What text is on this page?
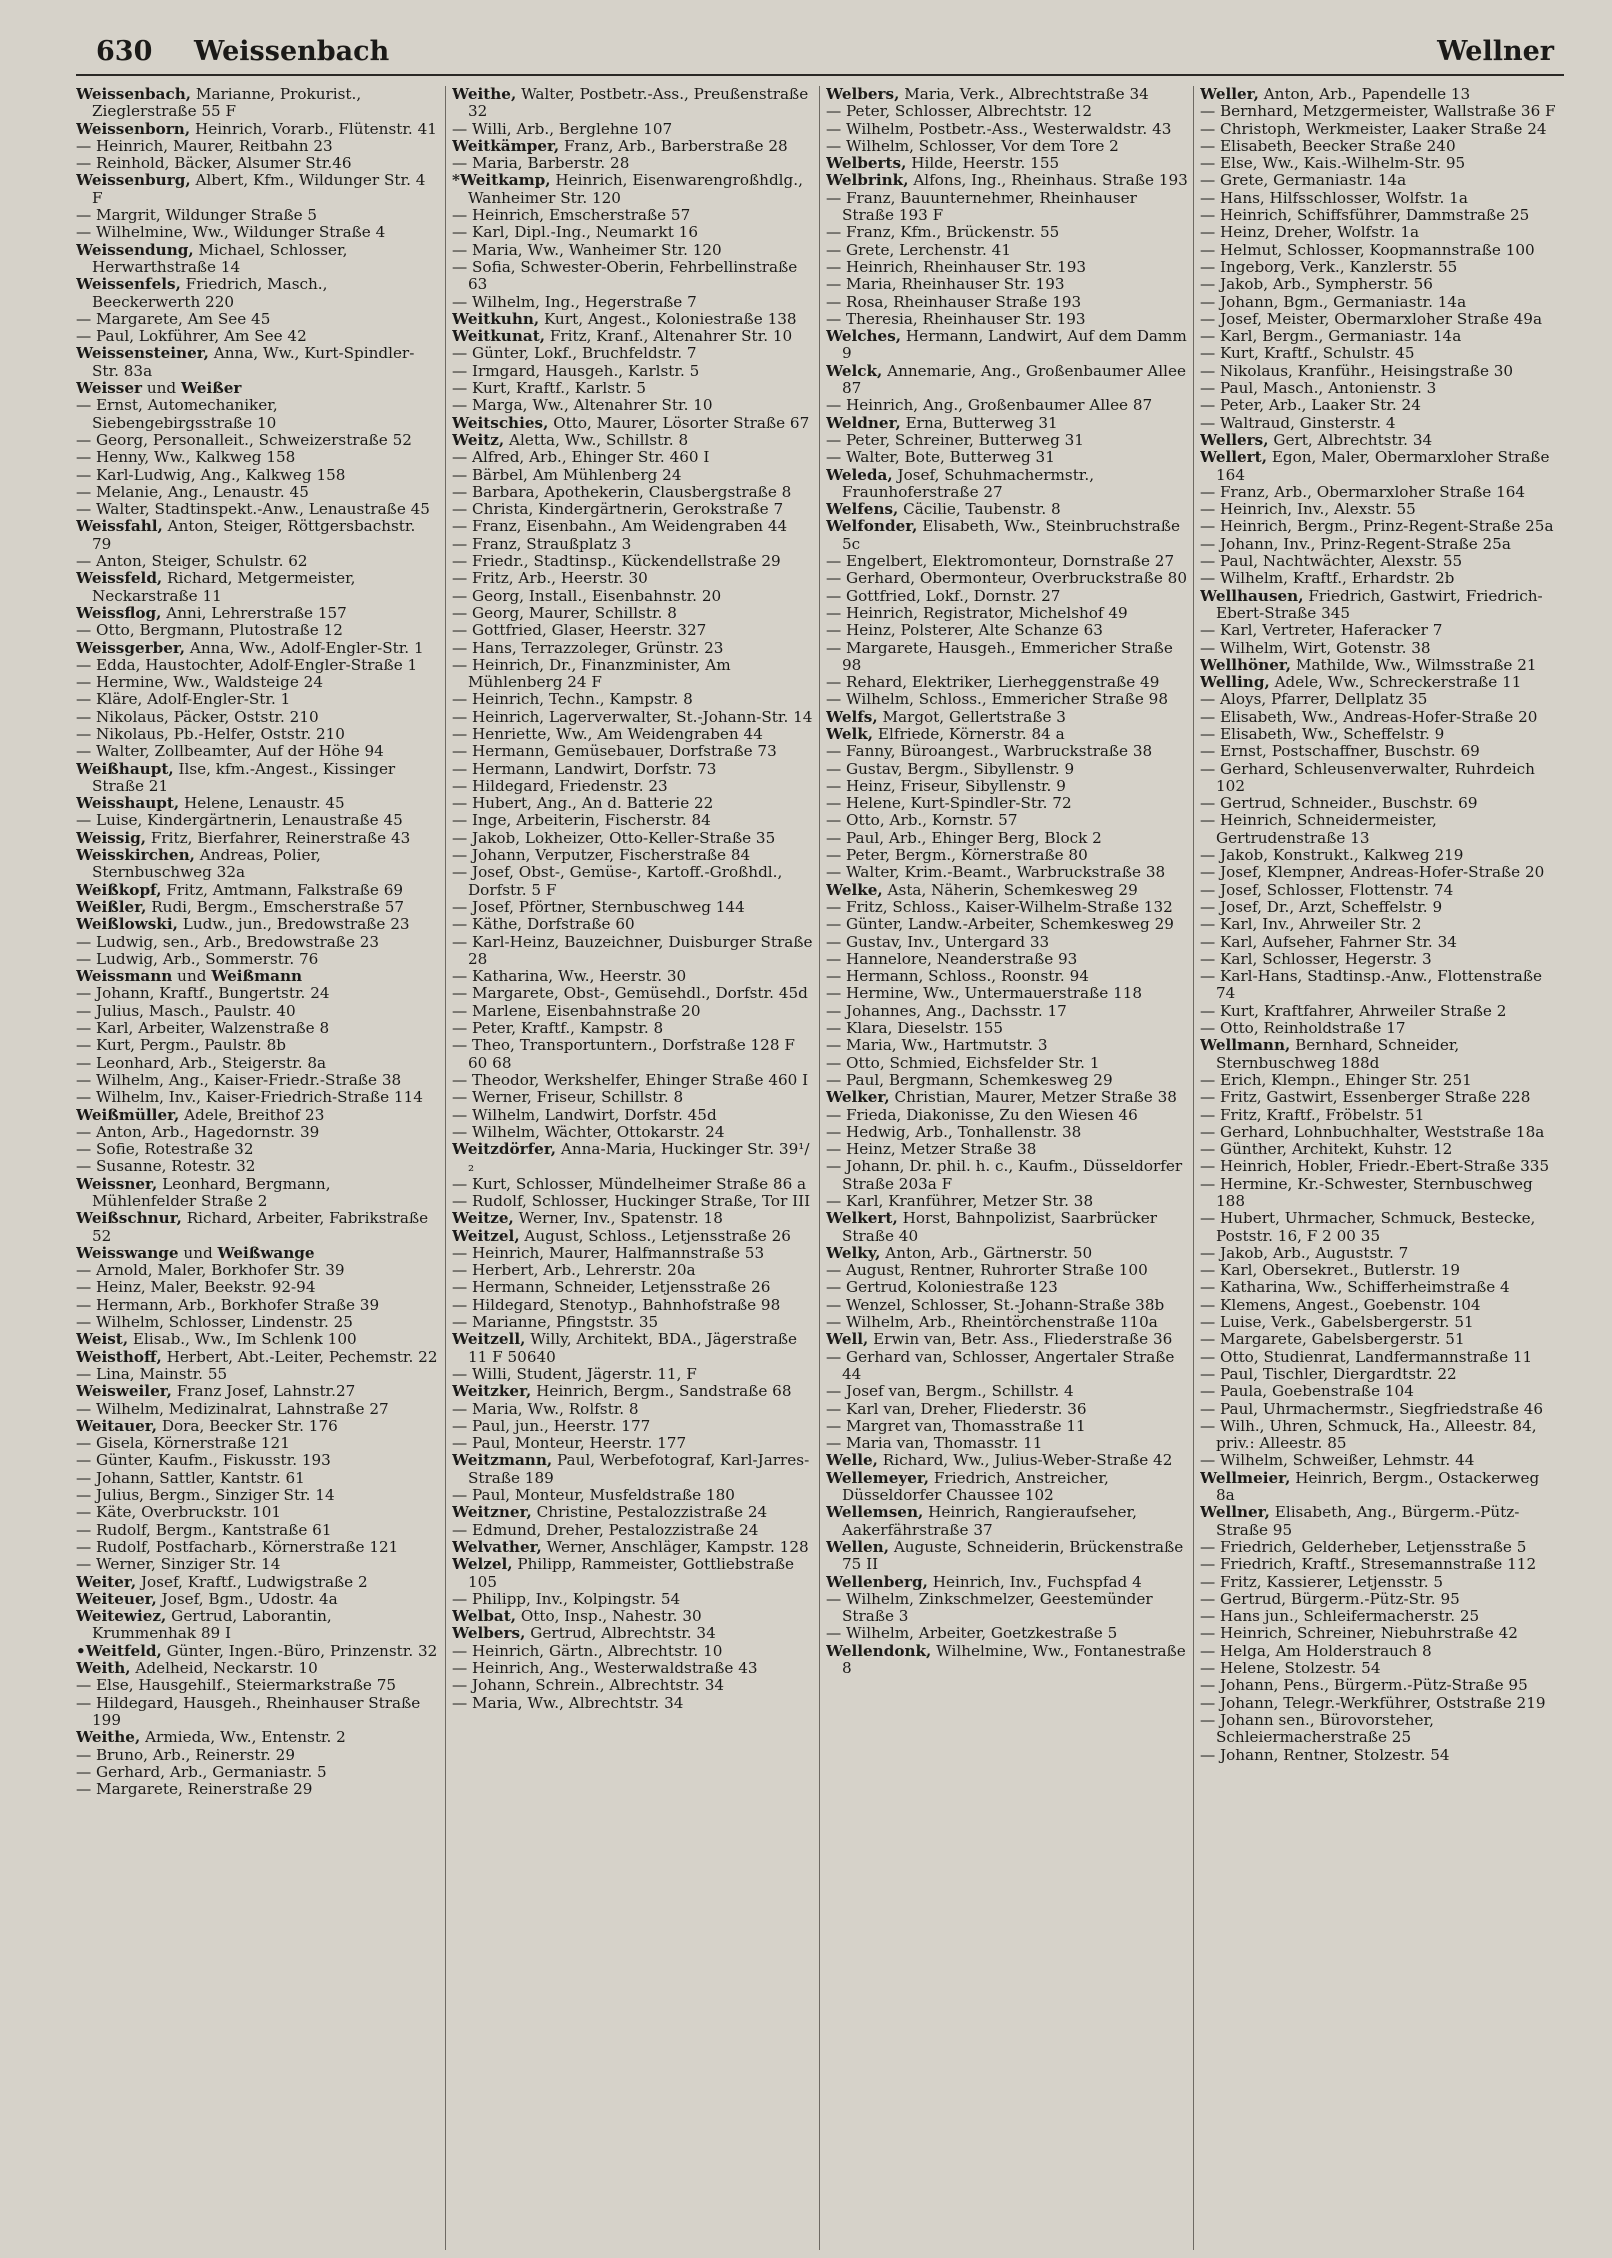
630 Weissenbach	Wellner

Weissenbach, Marianne, Prokurist., Zieglerstraße 55 F

Weissenborn, Heinrich, Vorarb., Flütenstr. 41

— Heinrich, Maurer, Reitbahn 23

— Reinhold, Bäcker, Alsumer Str.46

Weissenburg, Albert, Kfm., Wildunger Str. 4 F

— Margrit, Wildunger Straße 5

— Wilhelmine, Ww., Wildunger Straße 4

Weissendung, Michael, Schlosser, Herwarthstraße 14

Weissenfels, Friedrich, Masch., Beeckerwerth 220

— Margarete, Am See 45

— Paul, Lokführer, Am See 42

Weissensteiner, Anna, Ww., Kurt-Spindler-Str. 83a

Weisser und Weißer

— Ernst, Automechaniker, Siebengebirgsstraße 10

— Georg, Personalleit., Schweizerstraße 52

— Henny, Ww., Kalkweg 158

— Karl-Ludwig, Ang., Kalkweg 158

— Melanie, Ang., Lenaustr. 45

— Walter, Stadtinspekt.-Anw., Lenaustraße 45

Weissfahl, Anton, Steiger, Röttgersbachstr. 79

— Anton, Steiger, Schulstr. 62

Weissfeld, Richard, Metgermeister, Neckarstraße 11

Weissflog, Anni, Lehrerstraße 157

— Otto, Bergmann, Plutostraße 12

Weissgerber, Anna, Ww., Adolf-Engler-Str. 1

— Edda, Haustochter, Adolf-Engler-Straße 1

— Hermine, Ww., Waldsteige 24

— Kläre, Adolf-Engler-Str. 1

— Nikolaus, Päcker, Oststr. 210

— Nikolaus, Pb.-Helfer, Oststr. 210

— Walter, Zollbeamter, Auf der Höhe 94

Weißhaupt, Ilse, kfm.-Angest., Kissinger Straße 21

Weisshaupt, Helene, Lenaustr. 45

— Luise, Kindergärtnerin, Lenaustraße 45

Weissig, Fritz, Bierfahrer, Reinerstraße 43

Weisskirchen, Andreas, Polier, Sternbuschweg 32a

Weißkopf, Fritz, Amtmann, Falkstraße 69

Weißler, Rudi, Bergm., Emscherstraße 57

Weißlowski, Ludw., jun., Bredowstraße 23

— Ludwig, sen., Arb., Bredowstraße 23

— Ludwig, Arb., Sommerstr. 76

Weissmann und Weißmann

— Johann, Kraftf., Bungertstr. 24

— Julius, Masch., Paulstr. 40

— Karl, Arbeiter, Walzenstraße 8

— Kurt, Pergm., Paulstr. 8b

— Leonhard, Arb., Steigerstr. 8a

— Wilhelm, Ang., Kaiser-Friedr.-Straße 38

— Wilhelm, Inv., Kaiser-Friedrich-Straße 114

Weißmüller, Adele, Breithof 23

— Anton, Arb., Hagedornstr. 39

— Sofie, Rotestraße 32

— Susanne, Rotestr. 32

Weissner, Leonhard, Bergmann, Mühlenfelder Straße 2

Weißschnur, Richard, Arbeiter, Fabrikstraße 52

Weisswange und Weißwange

— Arnold, Maler, Borkhofer Str. 39

— Heinz, Maler, Beekstr. 92-94

— Hermann, Arb., Borkhofer Straße 39

— Wilhelm, Schlosser, Lindenstr. 25

Weist, Elisab., Ww., Im Schlenk 100

Weisthoff, Herbert, Abt.-Leiter, Pechemstr. 22

— Lina, Mainstr. 55

Weisweiler, Franz Josef, Lahnstr.27

— Wilhelm, Medizinalrat, Lahnstraße 27

Weitauer, Dora, Beecker Str. 176

— Gisela, Körnerstraße 121

— Günter, Kaufm., Fiskusstr. 193

— Johann, Sattler, Kantstr. 61

— Julius, Bergm., Sinziger Str. 14

— Käte, Overbruckstr. 101

— Rudolf, Bergm., Kantstraße 61

— Rudolf, Postfacharb., Körnerstraße 121

— Werner, Sinziger Str. 14

Weiter, Josef, Kraftf., Ludwigstraße 2

Weiteuer, Josef, Bgm., Udostr. 4a

Weitewiez, Gertrud, Laborantin, Krummenhak 89 I

•Weitfeld, Günter, Ingen.-Büro, Prinzenstr. 32

Weith, Adelheid, Neckarstr. 10

— Else, Hausgehilf., Steiermarkstraße 75

— Hildegard, Hausgeh., Rheinhauser Straße 199

Weithe, Armieda, Ww., Entenstr. 2

— Bruno, Arb., Reinerstr. 29

— Gerhard, Arb., Germaniastr. 5

— Margarete, Reinerstraße 29

Weithe, Walter, Postbetr.-Ass., Preußenstraße 32

— Willi, Arb., Berglehne 107

Weitkämper, Franz, Arb., Barberstraße 28

— Maria, Barberstr. 28

*Weitkamp, Heinrich, Eisenwarengroßhdlg., Wanheimer Str. 120

— Heinrich, Emscherstraße 57

— Karl, Dipl.-Ing., Neumarkt 16

— Maria, Ww., Wanheimer Str. 120

— Sofia, Schwester-Oberin, Fehrbellinstraße 63

— Wilhelm, Ing., Hegerstraße 7

Weitkuhn, Kurt, Angest., Koloniestraße 138

Weitkunat, Fritz, Kranf., Altenahrer Str. 10

— Günter, Lokf., Bruchfeldstr. 7

— Irmgard, Hausgeh., Karlstr. 5

— Kurt, Kraftf., Karlstr. 5

— Marga, Ww., Altenahrer Str. 10

Weitschies, Otto, Maurer, Lösorter Straße 67

Weitz, Aletta, Ww., Schillstr. 8

— Alfred, Arb., Ehinger Str. 460 I

— Bärbel, Am Mühlenberg 24

— Barbara, Apothekerin, Clausbergstraße 8

— Christa, Kindergärtnerin, Gerokstraße 7

— Franz, Eisenbahn., Am Weidengraben 44

— Franz, Straußplatz 3

— Friedr., Stadtinsp., Kückendellstraße 29

— Fritz, Arb., Heerstr. 30

— Georg, Install., Eisenbahnstr. 20

— Georg, Maurer, Schillstr. 8

— Gottfried, Glaser, Heerstr. 327

— Hans, Terrazzoleger, Grünstr. 23

— Heinrich, Dr., Finanzminister, Am Mühlenberg 24 F

— Heinrich, Techn., Kampstr. 8

— Heinrich, Lagerverwalter, St.-Johann-Str. 14

— Henriette, Ww., Am Weidengraben 44

— Hermann, Gemüsebauer, Dorfstraße 73

— Hermann, Landwirt, Dorfstr. 73

— Hildegard, Friedenstr. 23

— Hubert, Ang., An d. Batterie 22

— Inge, Arbeiterin, Fischerstr. 84

— Jakob, Lokheizer, Otto-Keller-Straße 35

— Johann, Verputzer, Fischerstraße 84

— Josef, Obst-, Gemüse-, Kartoff.-Großhdl., Dorfstr. 5 F

— Josef, Pförtner, Sternbuschweg 144

— Käthe, Dorfstraße 60

— Karl-Heinz, Bauzeichner, Duisburger Straße 28

— Katharina, Ww., Heerstr. 30

— Margarete, Obst-, Gemüsehdl., Dorfstr. 45d

— Marlene, Eisenbahnstraße 20

— Peter, Kraftf., Kampstr. 8

— Theo, Transportuntern., Dorfstraße 128 F 60 68

— Theodor, Werkshelfer, Ehinger Straße 460 I

— Werner, Friseur, Schillstr. 8

— Wilhelm, Landwirt, Dorfstr. 45d

— Wilhelm, Wächter, Ottokarstr. 24

Weitzdörfer, Anna-Maria, Huckinger Str. 39¹/₂

— Kurt, Schlosser, Mündelheimer Straße 86 a

— Rudolf, Schlosser, Huckinger Straße, Tor III

Weitze, Werner, Inv., Spatenstr. 18

Weitzel, August, Schloss., Letjensstraße 26

— Heinrich, Maurer, Halfmannstraße 53

— Herbert, Arb., Lehrerstr. 20a

— Hermann, Schneider, Letjensstraße 26

— Hildegard, Stenotyp., Bahnhofstraße 98

— Marianne, Pfingststr. 35

Weitzell, Willy, Architekt, BDA., Jägerstraße 11 F 50640

— Willi, Student, Jägerstr. 11, F

Weitzker, Heinrich, Bergm., Sandstraße 68

— Maria, Ww., Rolfstr. 8

— Paul, jun., Heerstr. 177

— Paul, Monteur, Heerstr. 177

Weitzmann, Paul, Werbefotograf, Karl-Jarres-Straße 189

— Paul, Monteur, Musfeldstraße 180

Weitzner, Christine, Pestalozzistraße 24

— Edmund, Dreher, Pestalozzistraße 24

Welvather, Werner, Anschläger, Kampstr. 128

Welzel, Philipp, Rammeister, Gottliebstraße 105

— Philipp, Inv., Kolpingstr. 54

Welbat, Otto, Insp., Nahestr. 30

Welbers, Gertrud, Albrechtstr. 34

— Heinrich, Gärtn., Albrechtstr. 10

— Heinrich, Ang., Westerwaldstraße 43

— Johann, Schrein., Albrechtstr. 34

— Maria, Ww., Albrechtstr. 34

Welbers, Maria, Verk., Albrechtstraße 34

— Peter, Schlosser, Albrechtstr. 12

— Wilhelm, Postbetr.-Ass., Westerwaldstr. 43

— Wilhelm, Schlosser, Vor dem Tore 2

Welberts, Hilde, Heerstr. 155

Welbrink, Alfons, Ing., Rheinhaus. Straße 193

— Franz, Bauunternehmer, Rheinhauser Straße 193 F

— Franz, Kfm., Brückenstr. 55

— Grete, Lerchenstr. 41

— Heinrich, Rheinhauser Str. 193

— Maria, Rheinhauser Str. 193

— Rosa, Rheinhauser Straße 193

— Theresia, Rheinhauser Str. 193

Welches, Hermann, Landwirt, Auf dem Damm 9

Welck, Annemarie, Ang., Großenbaumer Allee 87

— Heinrich, Ang., Großenbaumer Allee 87

Weldner, Erna, Butterweg 31

— Peter, Schreiner, Butterweg 31

— Walter, Bote, Butterweg 31

Weleda, Josef, Schuhmachermstr., Fraunhoferstraße 27

Welfens, Cäcilie, Taubenstr. 8

Welfonder, Elisabeth, Ww., Steinbruchstraße 5c

— Engelbert, Elektromonteur, Dornstraße 27

— Gerhard, Obermonteur, Overbruckstraße 80

— Gottfried, Lokf., Dornstr. 27

— Heinrich, Registrator, Michelshof 49

— Heinz, Polsterer, Alte Schanze 63

— Margarete, Hausgeh., Emmericher Straße 98

— Rehard, Elektriker, Lierheggenstraße 49

— Wilhelm, Schloss., Emmericher Straße 98

Welfs, Margot, Gellertstraße 3

Welk, Elfriede, Körnerstr. 84 a

— Fanny, Büroangest., Warbruckstraße 38

— Gustav, Bergm., Sibyllenstr. 9

— Heinz, Friseur, Sibyllenstr. 9

— Helene, Kurt-Spindler-Str. 72

— Otto, Arb., Kornstr. 57

— Paul, Arb., Ehinger Berg, Block 2

— Peter, Bergm., Körnerstraße 80

— Walter, Krim.-Beamt., Warbruckstraße 38

Welke, Asta, Näherin, Schemkesweg 29

— Fritz, Schloss., Kaiser-Wilhelm-Straße 132

— Günter, Landw.-Arbeiter, Schemkesweg 29

— Gustav, Inv., Untergard 33

— Hannelore, Neanderstraße 93

— Hermann, Schloss., Roonstr. 94

— Hermine, Ww., Untermauerstraße 118

— Johannes, Ang., Dachsstr. 17

— Klara, Dieselstr. 155

— Maria, Ww., Hartmutstr. 3

— Otto, Schmied, Eichsfelder Str. 1

— Paul, Bergmann, Schemkesweg 29

Welker, Christian, Maurer, Metzer Straße 38

— Frieda, Diakonisse, Zu den Wiesen 46

— Hedwig, Arb., Tonhallenstr. 38

— Heinz, Metzer Straße 38

— Johann, Dr. phil. h. c., Kaufm., Düsseldorfer Straße 203a F

— Karl, Kranführer, Metzer Str. 38

Welkert, Horst, Bahnpolizist, Saarbrücker Straße 40

Welky, Anton, Arb., Gärtnerstr. 50

— August, Rentner, Ruhrorter Straße 100

— Gertrud, Koloniestraße 123

— Wenzel, Schlosser, St.-Johann-Straße 38b

— Wilhelm, Arb., Rheintörchenstraße 110a

Well, Erwin van, Betr. Ass., Fliederstraße 36

— Gerhard van, Schlosser, Angertaler Straße 44

— Josef van, Bergm., Schillstr. 4

— Karl van, Dreher, Fliederstr. 36

— Margret van, Thomasstraße 11

— Maria van, Thomasstr. 11

Welle, Richard, Ww., Julius-Weber-Straße 42

Wellemeyer, Friedrich, Anstreicher, Düsseldorfer Chaussee 102

Wellemsen, Heinrich, Rangieraufseher, Aakerfährstraße 37

Wellen, Auguste, Schneiderin, Brückenstraße 75 II

Wellenberg, Heinrich, Inv., Fuchspfad 4

— Wilhelm, Zinkschmelzer, Geestemünder Straße 3

— Wilhelm, Arbeiter, Goetzkestraße 5

Wellendonk, Wilhelmine, Ww., Fontanestraße 8

Weller, Anton, Arb., Papendelle 13

— Bernhard, Metzgermeister, Wallstraße 36 F

— Christoph, Werkmeister, Laaker Straße 24

— Elisabeth, Beecker Straße 240

— Else, Ww., Kais.-Wilhelm-Str. 95

— Grete, Germaniastr. 14a

— Hans, Hilfsschlosser, Wolfstr. 1a

— Heinrich, Schiffsführer, Dammstraße 25

— Heinz, Dreher, Wolfstr. 1a

— Helmut, Schlosser, Koopmannstraße 100

— Ingeborg, Verk., Kanzlerstr. 55

— Jakob, Arb., Sympherstr. 56

— Johann, Bgm., Germaniastr. 14a

— Josef, Meister, Obermarxloher Straße 49a

— Karl, Bergm., Germaniastr. 14a

— Kurt, Kraftf., Schulstr. 45

— Nikolaus, Kranführ., Heisingstraße 30

— Paul, Masch., Antonienstr. 3

— Peter, Arb., Laaker Str. 24

— Waltraud, Ginsterstr. 4

Wellers, Gert, Albrechtstr. 34

Wellert, Egon, Maler, Obermarxloher Straße 164

— Franz, Arb., Obermarxloher Straße 164

— Heinrich, Inv., Alexstr. 55

— Heinrich, Bergm., Prinz-Regent-Straße 25a

— Johann, Inv., Prinz-Regent-Straße 25a

— Paul, Nachtwächter, Alexstr. 55

— Wilhelm, Kraftf., Erhardstr. 2b

Wellhausen, Friedrich, Gastwirt, Friedrich-Ebert-Straße 345

— Karl, Vertreter, Haferacker 7

— Wilhelm, Wirt, Gotenstr. 38

Wellhöner, Mathilde, Ww., Wilmsstraße 21

Welling, Adele, Ww., Schreckerstraße 11

— Aloys, Pfarrer, Dellplatz 35

— Elisabeth, Ww., Andreas-Hofer-Straße 20

— Elisabeth, Ww., Scheffelstr. 9

— Ernst, Postschaffner, Buschstr. 69

— Gerhard, Schleusenverwalter, Ruhrdeich 102

— Gertrud, Schneider., Buschstr. 69

— Heinrich, Schneidermeister, Gertrudenstraße 13

— Jakob, Konstrukt., Kalkweg 219

— Josef, Klempner, Andreas-Hofer-Straße 20

— Josef, Schlosser, Flottenstr. 74

— Josef, Dr., Arzt, Scheffelstr. 9

— Karl, Inv., Ahrweiler Str. 2

— Karl, Aufseher, Fahrner Str. 34

— Karl, Schlosser, Hegerstr. 3

— Karl-Hans, Stadtinsp.-Anw., Flottenstraße 74

— Kurt, Kraftfahrer, Ahrweiler Straße 2

— Otto, Reinholdstraße 17

Wellmann, Bernhard, Schneider, Sternbuschweg 188d

— Erich, Klempn., Ehinger Str. 251

— Fritz, Gastwirt, Essenberger Straße 228

— Fritz, Kraftf., Fröbelstr. 51

— Gerhard, Lohnbuchhalter, Weststraße 18a

— Günther, Architekt, Kuhstr. 12

— Heinrich, Hobler, Friedr.-Ebert-Straße 335

— Hermine, Kr.-Schwester, Sternbuschweg 188

— Hubert, Uhrmacher, Schmuck, Bestecke, Poststr. 16, F 2 00 35

— Jakob, Arb., Auguststr. 7

— Karl, Obersekret., Butlerstr. 19

— Katharina, Ww., Schifferheimstraße 4

— Klemens, Angest., Goebenstr. 104

— Luise, Verk., Gabelsbergerstr. 51

— Margarete, Gabelsbergerstr. 51

— Otto, Studienrat, Landfermannstraße 11

— Paul, Tischler, Diergardtstr. 22

— Paula, Goebenstraße 104

— Paul, Uhrmachermstr., Siegfriedstraße 46

— Wilh., Uhren, Schmuck, Ha., Alleestr. 84, priv.: Alleestr. 85

— Wilhelm, Schweißer, Lehmstr. 44

Wellmeier, Heinrich, Bergm., Ostackerweg 8a

Wellner, Elisabeth, Ang., Bürgerm.-Pütz-Straße 95

— Friedrich, Gelderheber, Letjensstraße 5

— Friedrich, Kraftf., Stresemannstraße 112

— Fritz, Kassierer, Letjensstr. 5

— Gertrud, Bürgerm.-Pütz-Str. 95

— Hans jun., Schleifermacherstr. 25

— Heinrich, Schreiner, Niebuhrstraße 42

— Helga, Am Holderstrauch 8

— Helene, Stolzestr. 54

— Johann, Pens., Bürgerm.-Pütz-Straße 95

— Johann, Telegr.-Werkführer, Oststraße 219

— Johann sen., Bürovorsteher, Schleiermacherstraße 25

— Johann, Rentner, Stolzestr. 54
